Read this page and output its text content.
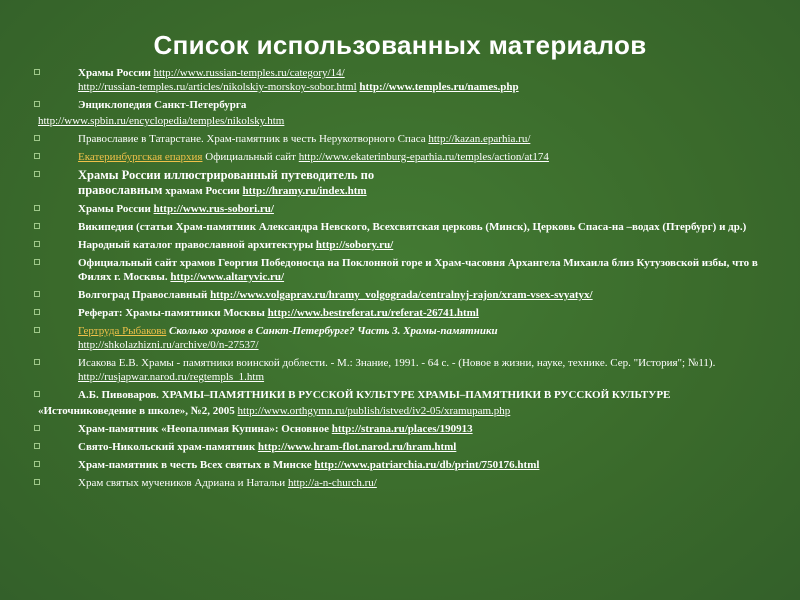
Список использованных материалов
Храмы России http://www.russian-temples.ru/category/14/
http://russian-temples.ru/articles/nikolskiy-morskoy-sobor.html http://www.temples.ru/names.php
Энциклопедия Санкт-Петербурга
http://www.spbin.ru/encyclopedia/temples/nikolsky.htm
Православие в Татарстане. Храм-памятник в честь Нерукотворного Спаса http://kazan.eparhia.ru/
Екатеринбургская епархия Официальный сайт http://www.ekaterinburg-eparhia.ru/temples/action/at174
Храмы России иллюстрированный путеводитель по
православным храмам России http://hramy.ru/index.htm
Храмы России http://www.rus-sobori.ru/
Википедия (статьи Храм-памятник Александра Невского, Всехсвятская церковь (Минск), Церковь Спаса-на –водах (Птербург) и др.)
Народный каталог православной архитектуры http://sobory.ru/
Официальный сайт храмов Георгия Победоносца на Поклонной горе и Храм-часовня Архангела Михаила близ Кутузовской избы, что в Филях г. Москвы. http://www.altaryvic.ru/
Волгоград Православный http://www.volgaprav.ru/hramy_volgograda/centralnyj-rajon/xram-vsex-svyatyx/
Реферат: Храмы-памятники Москвы http://www.bestreferat.ru/referat-26741.html
Гертруда Рыбакова Сколько храмов в Санкт-Петербурге? Часть 3. Храмы-памятники
http://shkolazhizni.ru/archive/0/n-27537/
Исакова Е.В. Храмы - памятники воинской доблести. - М.: Знание, 1991. - 64 с. - (Новое в жизни, науке, технике. Сер. "История"; №11). http://rusjapwar.narod.ru/regtempls_1.htm
А.Б. Пивоваров. ХРАМЫ–ПАМЯТНИКИ В РУССКОЙ КУЛЬТУРЕ ХРАМЫ–ПАМЯТНИКИ В РУССКОЙ КУЛЬТУРЕ
«Источниковедение в школе», №2, 2005 http://www.orthgymn.ru/publish/istved/iv2-05/xramupam.php
Храм-памятник «Неопалимая Купина»: Основное http://strana.ru/places/190913
Свято-Никольский храм-памятник http://www.hram-flot.narod.ru/hram.html
Храм-памятник в честь Всех святых в Минске http://www.patriarchia.ru/db/print/750176.html
Храм святых мучеников Адриана и Натальи http://a-n-church.ru/
